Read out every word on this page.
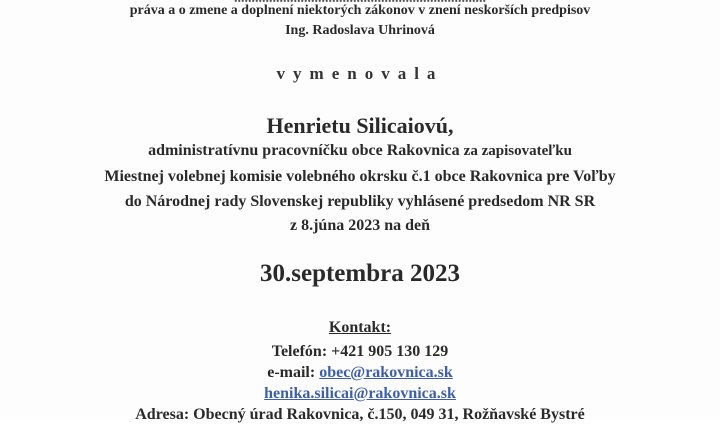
práva a o zmene a doplnení niektorých zákonov v znení neskorších predpisov
Ing. Radoslava Uhrinová
vymenovala
Henrietu Silicaiovú,
administratívnu pracovníčku obce Rakovnica za zapisovateľku
Miestnej volebnej komisie volebného okrsku č.1 obce Rakovnica pre Voľby
do Národnej rady Slovenskej republiky vyhlásené predsedom NR SR
z 8.júna 2023 na deň
30.septembra 2023
Kontakt:
Telefón: +421 905 130 129
e-mail: obec@rakovnica.sk
henika.silicai@rakovnica.sk
Adresa: Obecný úrad Rakovnica, č.150, 049 31, Rožňavské Bystré
